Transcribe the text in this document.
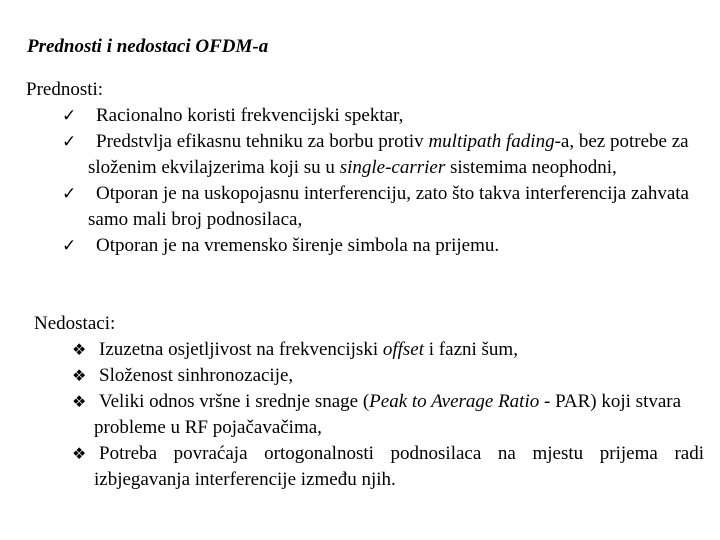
Prednosti i nedostaci OFDM-a
Prednosti:
✓ Racionalno koristi frekvencijski spektar,
✓ Predstvlja efikasnu tehniku za borbu protiv multipath fading-a, bez potrebe za složenim ekvilajzerima koji su u single-carrier sistemima neophodni,
✓ Otporan je na uskopojasnu interferenciju, zato što takva interferencija zahvata samo mali broj podnosilaca,
✓ Otporan je na vremensko širenje simbola na prijemu.
Nedostaci:
❖ Izuzetna osjetljivost na frekvencijski offset i fazni šum,
❖ Složenost sinhronozacije,
❖ Veliki odnos vršne i srednje snage (Peak to Average Ratio - PAR) koji stvara probleme u RF pojačavačima,
❖ Potreba povraćaja ortogonalnosti podnosilaca na mjestu prijema radi izbjegavanja interferencije između njih.
